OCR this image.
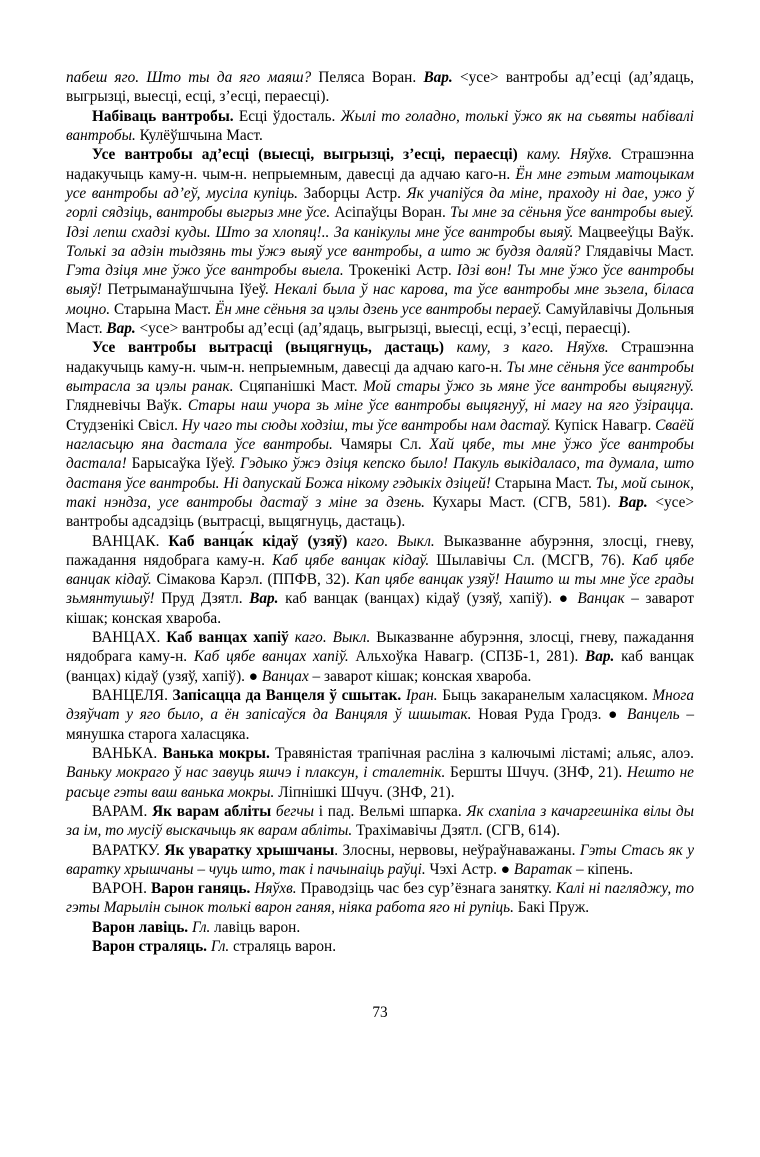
пабеш яго. Што ты да яго маяш? Пеляса Воран. Вар. <усе> вантробы ад’есці (ад’ядаць, выгрызці, выесці, есці, з’есці, пераесці).

Набіваць вантробы. Есці ўдосталь. Жылі то голадно, толькі ўжо як на сьвяты набівалі вантробы. Кулёўшчына Маст.

Усе вантробы ад’есці (выесці, выгрызці, з’есці, пераесці) каму. Няўхв. Страшэнна надакучыць каму-н. чым-н. непрыемным, давесці да адчаю каго-н. Ён мне гэтым матоцыкам усе вантробы ад’еў, мусіла купіць. Заборцы Астр. Як учапіўся да міне, праходу ні дае, ужо ў горлі сядзіць, вантробы выгрыз мне ўсе. Асіпаўцы Воран. Ты мне за сёньня ўсе вантробы выеў. Ідзі лепш схадзі куды. Што за хлопяц!.. За канікулы мне ўсе вантробы выяў. Мацвееўцы Ваўк. Толькі за адзін тыдзянь ты ўжэ выяў усе вантробы, а што ж будзя даляй? Глядавічы Маст. Гэта дзіця мне ўжо ўсе вантробы выела. Трокенікі Астр. Ідзі вон! Ты мне ўжо ўсе вантробы выяў! Петрыманаўшчына Іўеў. Некалі была ў нас карова, та ўсе вантробы мне зьзела, біласа моцно. Старына Маст. Ён мне сёньня за цэлы дзень усе вантробы пераеў. Самуйлавічы Дольныя Маст. Вар. <усе> вантробы ад’есці (ад’ядаць, выгрызці, выесці, есці, з’есці, пераесці).

Усе вантробы вытрасці (выцягнуць, дастаць) каму, з каго. Няўхв. Страшэнна надакучыць каму-н. чым-н. непрыемным, давесці да адчаю каго-н. Ты мне сёньня ўсе вантробы вытрасла за цэлы ранак. Сцяпанішкі Маст. Мой стары ўжо зь мяне ўсе вантробы выцягнуў. Глядневічы Ваўк. Стары наш учора зь міне ўсе вантробы выцягнуў, ні магу на яго ўзірацца. Студзенікі Свісл. Ну чаго ты сюды ходзіш, ты ўсе вантробы нам дастаў. Купіск Навагр. Сваёй нагласьцю яна дастала ўсе вантробы. Чамяры Сл. Хай цябе, ты мне ўжо ўсе вантробы дастала! Барысаўка Іўеў. Гэдыко ўжэ дзіця кепско было! Пакуль выкідаласо, та думала, што дастаня ўсе вантробы. Ні дапускай Божа нікому гэдыкіх дзіцей! Старына Маст. Ты, мой сынок, такі нэндза, усе вантробы дастаў з міне за дзень. Кухары Маст. (СГВ, 581). Вар. <усе> вантробы адсадзіць (вытрасці, выцягнуць, дастаць).

ВАНЦАК. Каб ванца́к кідаў (узяў) каго. Выкл. Выказванне абурэння, злосці, гневу, пажадання нядобрага каму-н. Каб цябе ванцак кідаў. Шылавічы Сл. (МСГВ, 76). Каб цябе ванцак кідаў. Сімакова Карэл. (ППФВ, 32). Кап цябе ванцак узяў! Нашто ш ты мне ўсе грады зьмянтушыў! Пруд Дзятл. Вар. каб ванцак (ванцах) кідаў (узяў, хапіў). ● Ванцак – заварот кішак; конская хвароба.

ВАНЦАХ. Каб ванцах хапіў каго. Выкл. Выказванне абурэння, злосці, гневу, пажадання нядобрага каму-н. Каб цябе ванцах хапіў. Альхоўка Навагр. (СПЗБ-1, 281). Вар. каб ванцак (ванцах) кідаў (узяў, хапіў). ● Ванцах – заварот кішак; конская хвароба.

ВАНЦЕЛЯ. Запісацца да Ванцеля ў сшытак. Іран. Быць закаранелым халасцяком. Многа дзяўчат у яго было, а ён запісаўся да Ванцяля ў шшытак. Новая Руда Гродз. ● Ванцель – мянушка старога халасцяка.

ВАНЬКА. Ванька мокры. Травяністая трапічная расліна з калючымі лістамі; альяс, алоэ. Ваньку мокраго ў нас завуць яшчэ і плаксун, і сталетнік. Бершты Шчуч. (ЗНФ, 21). Нешто не расьце гэты ваш ванька мокры. Ліпнішкі Шчуч. (ЗНФ, 21).

ВАРАМ. Як варам абліты бегчы і пад. Вельмі шпарка. Як схапіла з качаргешніка вілы ды за ім, то мусіў выскачыць як варам абліты. Трахімавічы Дзятл. (СГВ, 614).

ВАРАТКУ. Як уваратку хрышчаны. Злосны, нервовы, неўраўнаважаны. Гэты Стась як у варатку хрышчаны – чуць што, так і пачынаіць раўці. Чэхі Астр. ● Варатак – кіпень.

ВАРОН. Варон ганяць. Няўхв. Праводзіць час без сур’ёзнага занятку. Калі ні пагляджу, то гэты Марылін сынок толькі варон ганяя, ніяка работа яго ні рупіць. Бакі Пруж.

Варон лавіць. Гл. лавіць варон.

Варон страляць. Гл. страляць варон.

73
